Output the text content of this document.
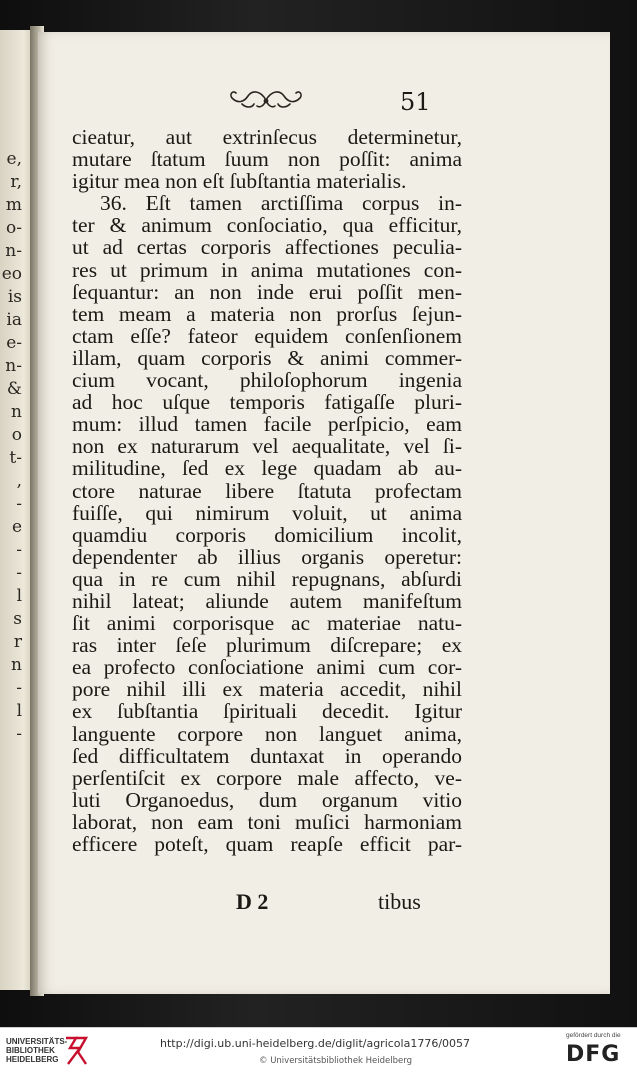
e,
r,
m
o-
n-
eo
is
ia
e-
n-
&
n
o
t-
,
-
e
-
-
l
s
r
n
-
l
-
51
cieatur, aut extrinſecus determinetur,
mutare ſtatum ſuum non poſſit: anima
igitur mea non eſt ſubſtantia materialis.
36. Eſt tamen arctiſſima corpus in-
ter & animum conſociatio, qua efficitur,
ut ad certas corporis affectiones peculia-
res ut primum in anima mutationes con-
ſequantur: an non inde erui poſſit men-
tem meam a materia non prorſus ſejun-
ctam eſſe? fateor equidem conſenſionem
illam, quam corporis & animi commer-
cium vocant, philoſophorum ingenia
ad hoc uſque temporis fatigaſſe pluri-
mum: illud tamen facile perſpicio, eam
non ex naturarum vel aequalitate, vel ſi-
militudine, ſed ex lege quadam ab au-
ctore naturae libere ſtatuta profectam
fuiſſe, qui nimirum voluit, ut anima
quamdiu corporis domicilium incolit,
dependenter ab illius organis operetur:
qua in re cum nihil repugnans, abſurdi
nihil lateat; aliunde autem manifeſtum
ſit animi corporisque ac materiae natu-
ras inter ſeſe plurimum diſcrepare; ex
ea profecto conſociatione animi cum cor-
pore nihil illi ex materia accedit, nihil
ex ſubſtantia ſpirituali decedit. Igitur
languente corpore non languet anima,
ſed difficultatem duntaxat in operando
perſentiſcit ex corpore male affecto, ve-
luti Organoedus, dum organum vitio
laborat, non eam toni muſici harmoniam
efficere poteſt, quam reapſe efficit par-
D 2	tibus
UNIVERSITÄTS-
BIBLIOTHEK
HEIDELBERG
http://digi.ub.uni-heidelberg.de/diglit/agricola1776/0057
© Universitätsbibliothek Heidelberg
gefördert durch die
DFG
